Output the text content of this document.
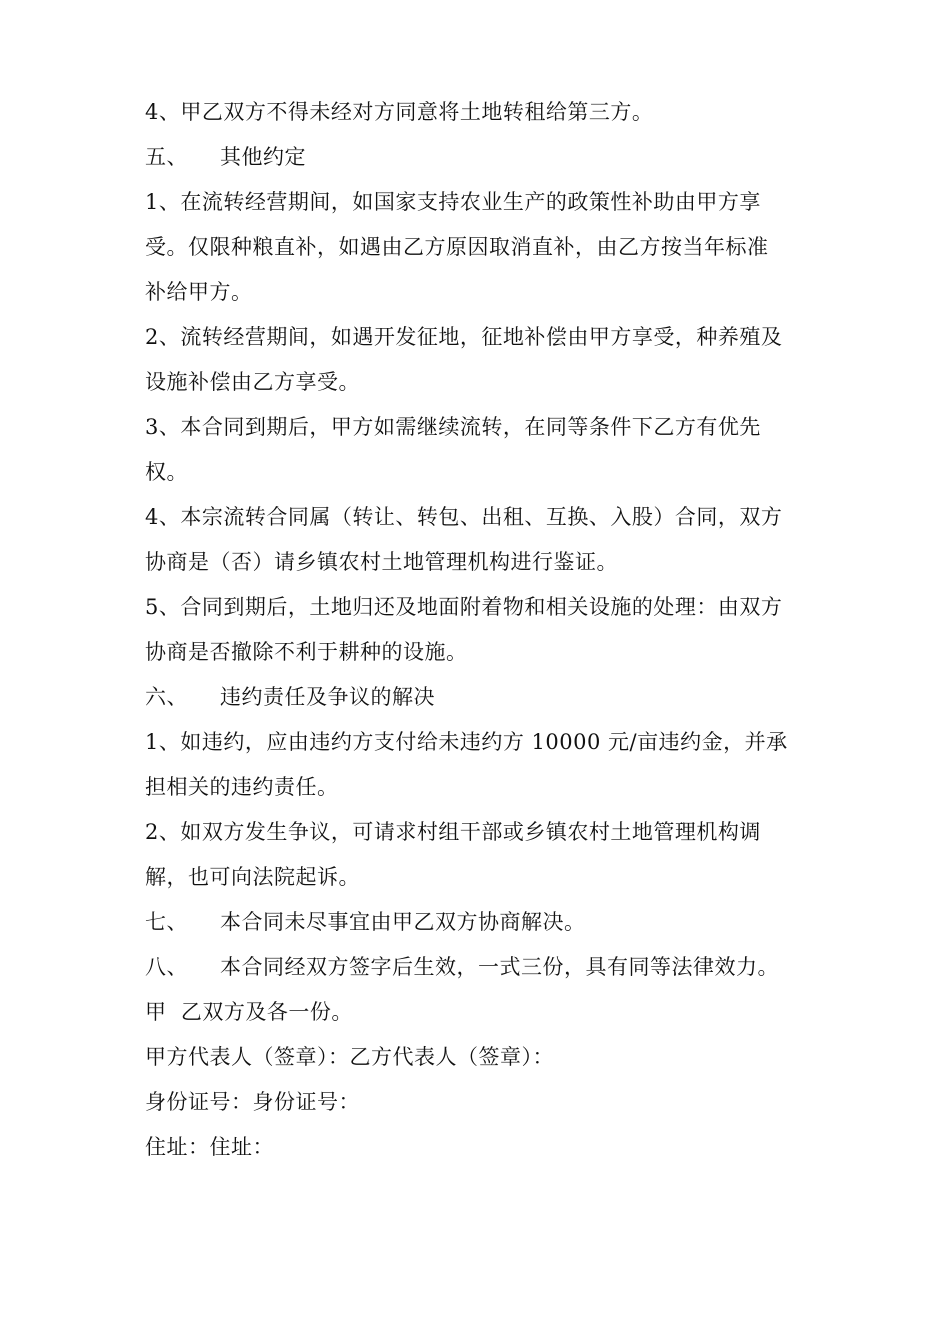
4、甲乙双方不得未经对方同意将土地转租给第三方。
五、 其他约定
1、在流转经营期间，如国家支持农业生产的政策性补助由甲方享
受。仅限种粮直补，如遇由乙方原因取消直补，由乙方按当年标准
补给甲方。
2、流转经营期间，如遇开发征地，征地补偿由甲方享受，种养殖及
设施补偿由乙方享受。
3、本合同到期后，甲方如需继续流转，在同等条件下乙方有优先
权。
4、本宗流转合同属（转让、转包、出租、互换、入股）合同，双方
协商是（否）请乡镇农村土地管理机构进行鉴证。
5、合同到期后，土地归还及地面附着物和相关设施的处理：由双方
协商是否撤除不利于耕种的设施。
六、 违约责任及争议的解决
1、如违约，应由违约方支付给未违约方 10000 元/亩违约金，并承
担相关的违约责任。
2、如双方发生争议，可请求村组干部或乡镇农村土地管理机构调
解，也可向法院起诉。
七、 本合同未尽事宜由甲乙双方协商解决。
八、 本合同经双方签字后生效，一式三份，具有同等法律效力。
甲  乙双方及各一份。
甲方代表人（签章）：乙方代表人（签章）：
身份证号：身份证号：
住址：住址：
